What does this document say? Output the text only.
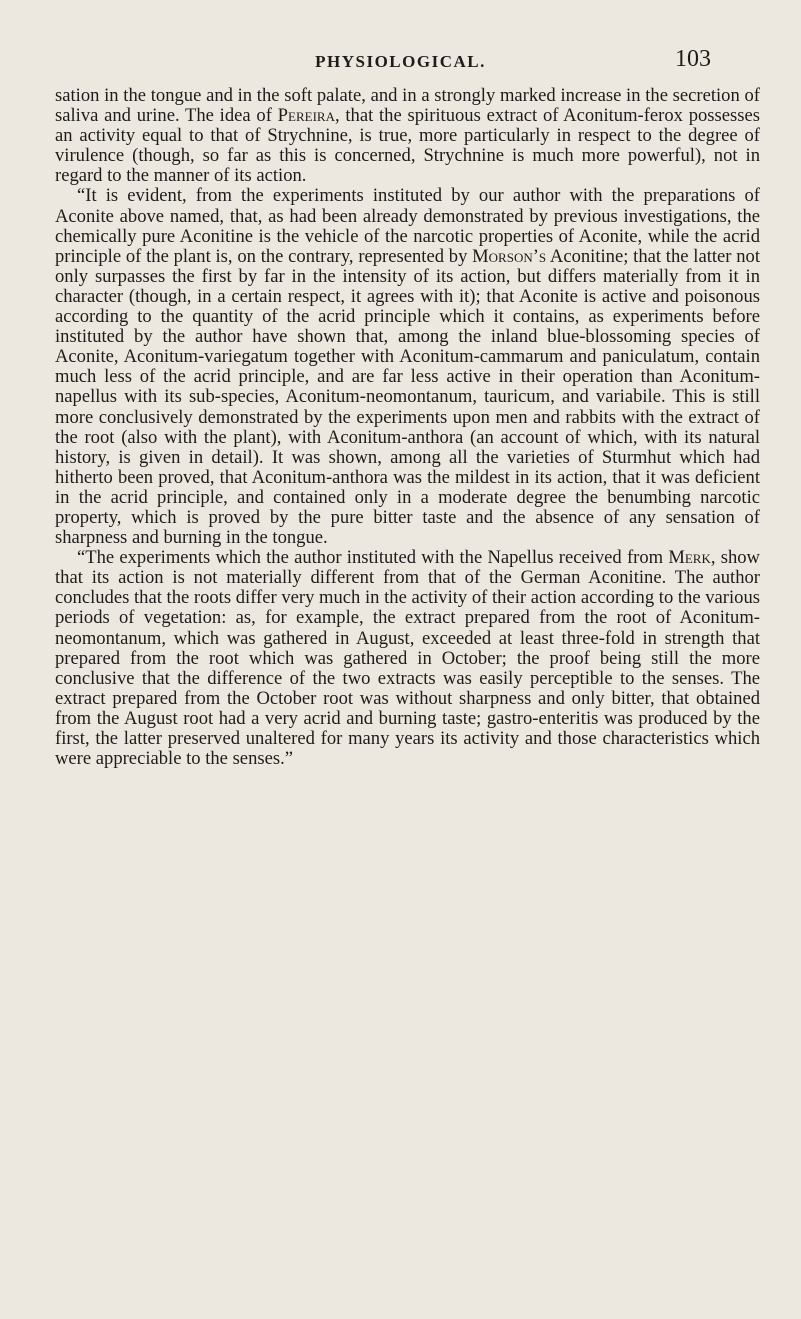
PHYSIOLOGICAL.	103

sation in the tongue and in the soft palate, and in a strongly marked increase in the secretion of saliva and urine. The idea of Pereira, that the spirituous extract of Aconitum-ferox possesses an activity equal to that of Strychnine, is true, more particularly in respect to the degree of virulence (though, so far as this is concerned, Strychnine is much more powerful), not in regard to the manner of its action.

“It is evident, from the experiments instituted by our author with the preparations of Aconite above named, that, as had been already demonstrated by previous investigations, the chemically pure Aconitine is the vehicle of the narcotic properties of Aconite, while the acrid principle of the plant is, on the contrary, represented by Morson’s Aconitine; that the latter not only surpasses the first by far in the intensity of its action, but differs materially from it in character (though, in a certain respect, it agrees with it); that Aconite is active and poisonous according to the quantity of the acrid principle which it contains, as experiments before instituted by the author have shown that, among the inland blue-blossoming species of Aconite, Aconitum-variegatum together with Aconitum-cammarum and paniculatum, contain much less of the acrid principle, and are far less active in their operation than Aconitum-napellus with its sub-species, Aconitum-neomontanum, tauricum, and variabile. This is still more conclusively demonstrated by the experiments upon men and rabbits with the extract of the root (also with the plant), with Aconitum-anthora (an account of which, with its natural history, is given in detail). It was shown, among all the varieties of Sturmhut which had hitherto been proved, that Aconitum-anthora was the mildest in its action, that it was deficient in the acrid principle, and contained only in a moderate degree the benumbing narcotic property, which is proved by the pure bitter taste and the absence of any sensation of sharpness and burning in the tongue.

“The experiments which the author instituted with the Napellus received from Merk, show that its action is not materially different from that of the German Aconitine. The author concludes that the roots differ very much in the activity of their action according to the various periods of vegetation: as, for example, the extract prepared from the root of Aconitum-neomontanum, which was gathered in August, exceeded at least three-fold in strength that prepared from the root which was gathered in October; the proof being still the more conclusive that the difference of the two extracts was easily perceptible to the senses. The extract prepared from the October root was without sharpness and only bitter, that obtained from the August root had a very acrid and burning taste; gastro-enteritis was produced by the first, the latter preserved unaltered for many years its activity and those characteristics which were appreciable to the senses.”
